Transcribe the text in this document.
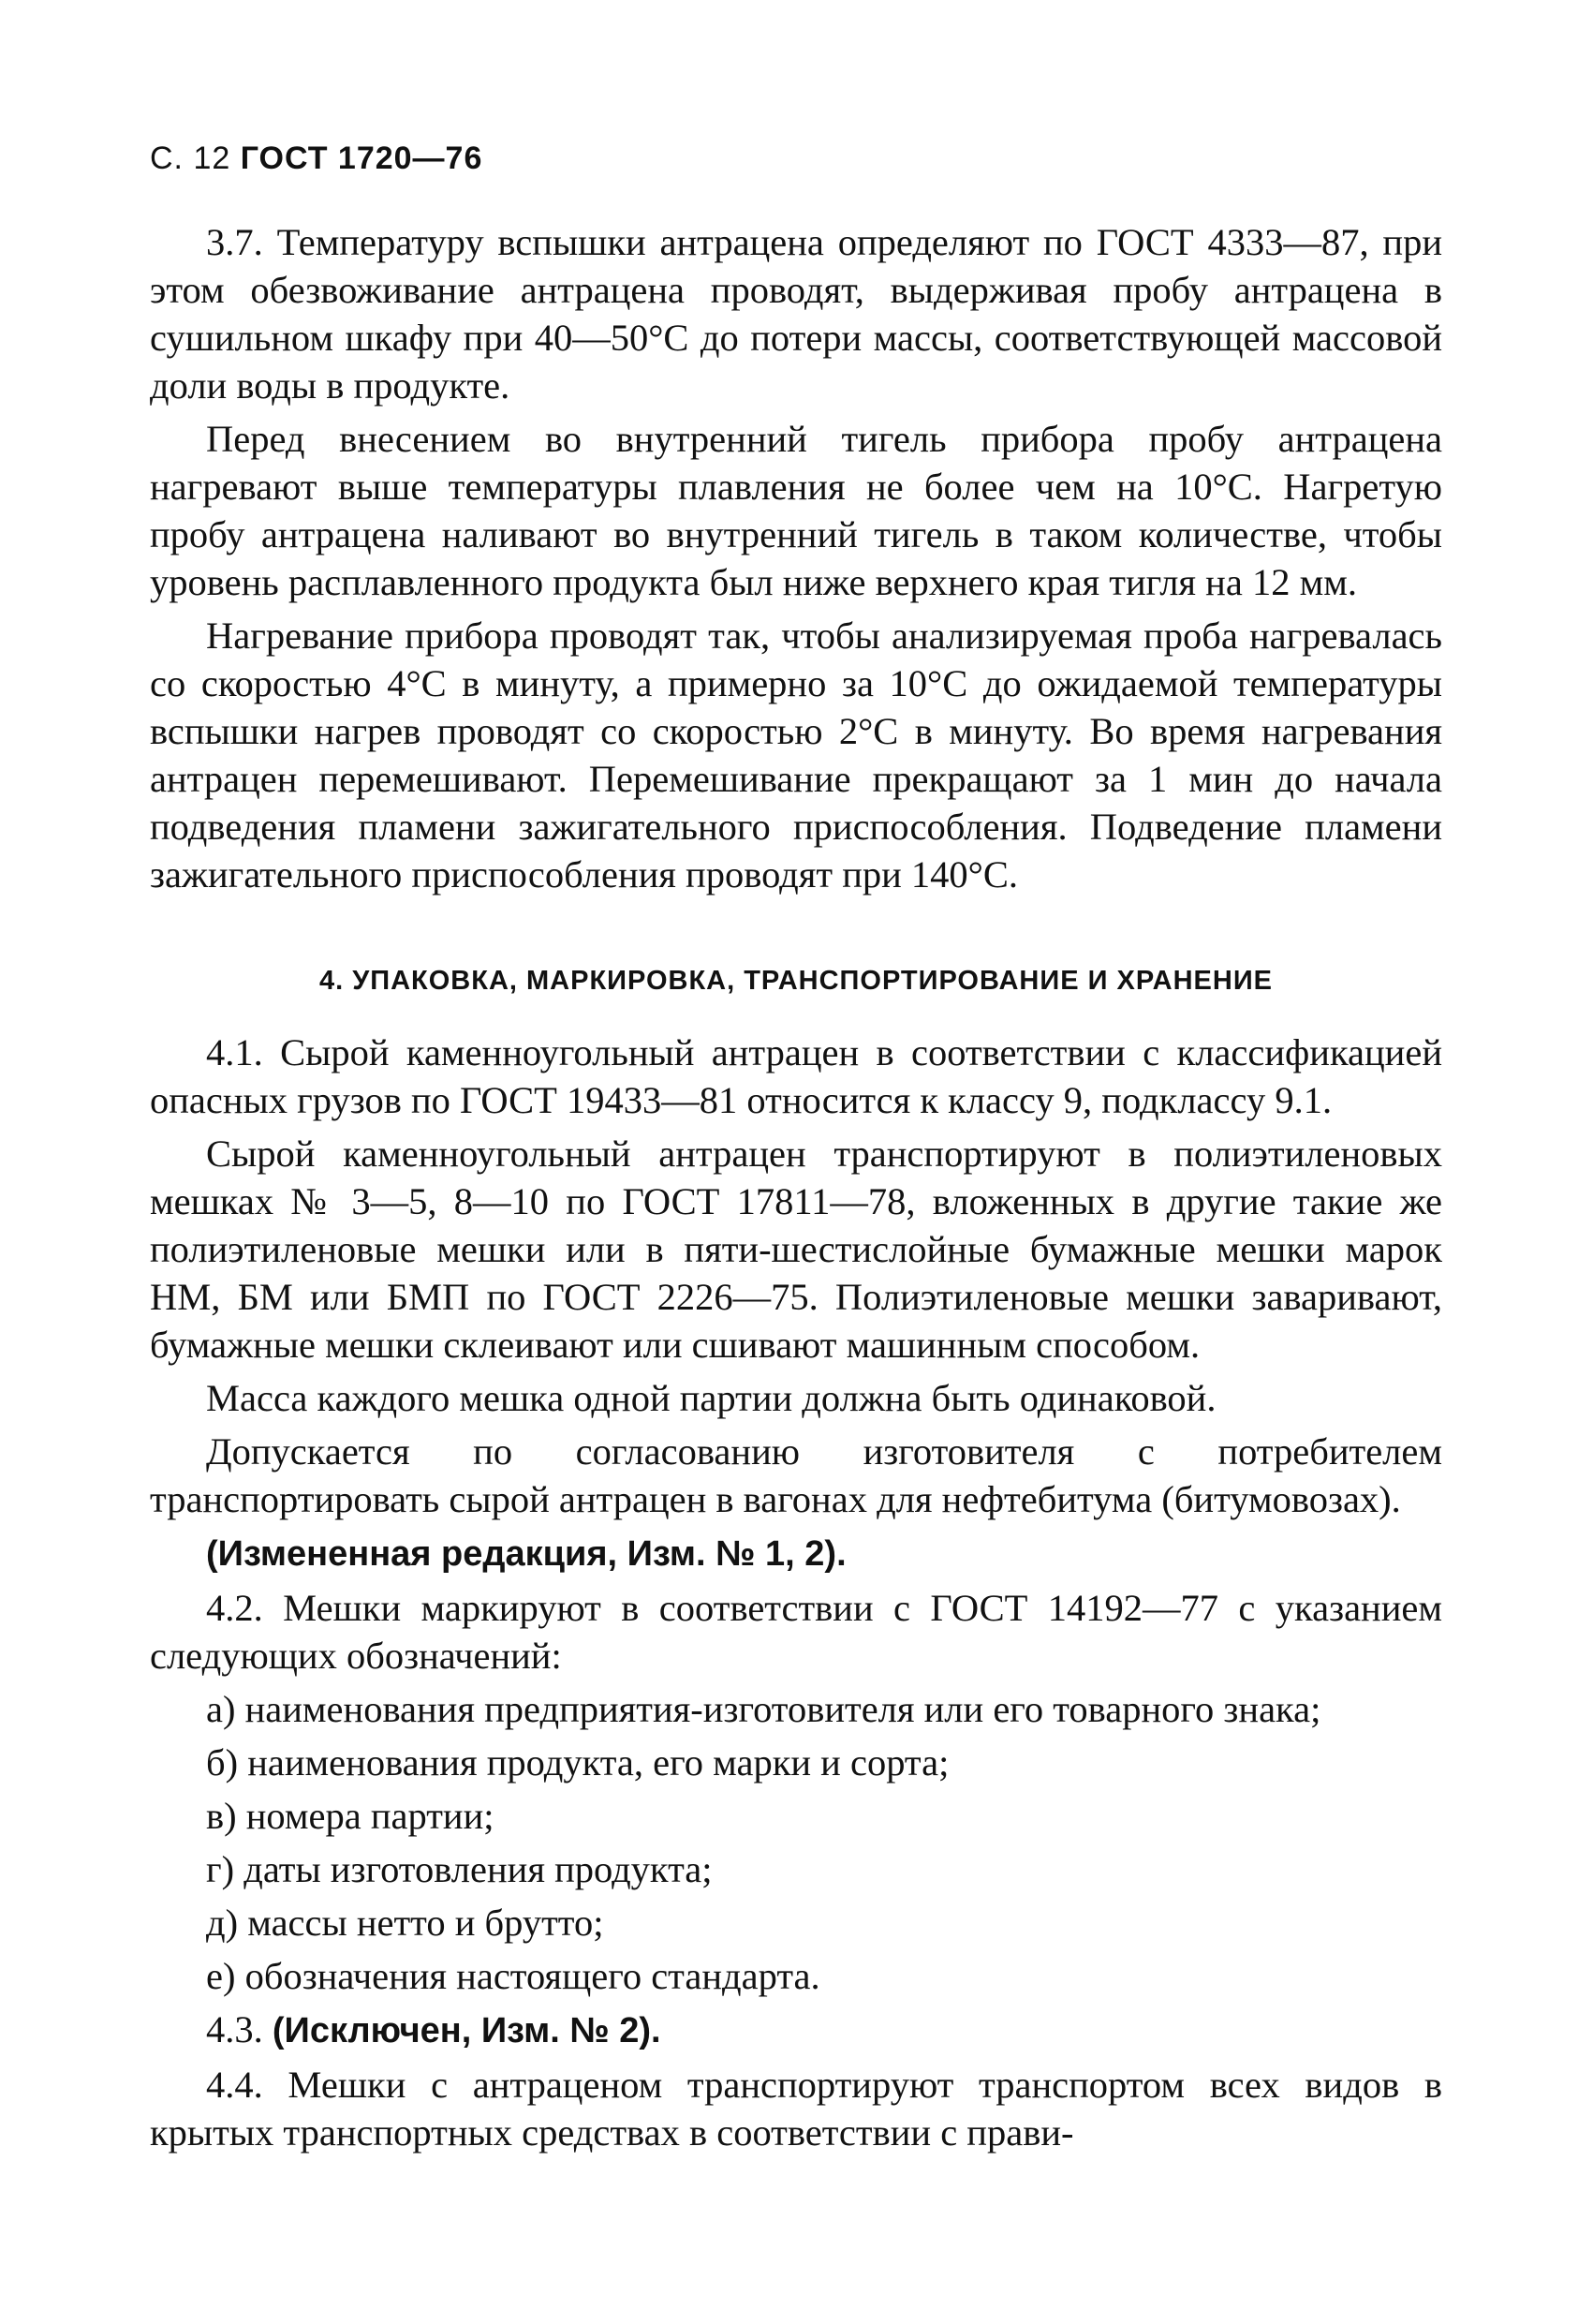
С. 12 ГОСТ 1720—76

3.7. Температуру вспышки антрацена определяют по ГОСТ 4333—87, при этом обезвоживание антрацена проводят, выдерживая пробу антрацена в сушильном шкафу при 40—50°С до потери массы, соответствующей массовой доли воды в продукте.

Перед внесением во внутренний тигель прибора пробу антрацена нагревают выше температуры плавления не более чем на 10°С. Нагретую пробу антрацена наливают во внутренний тигель в таком количестве, чтобы уровень расплавленного продукта был ниже верхнего края тигля на 12 мм.

Нагревание прибора проводят так, чтобы анализируемая проба нагревалась со скоростью 4°С в минуту, а примерно за 10°С до ожидаемой температуры вспышки нагрев проводят со скоростью 2°С в минуту. Во время нагревания антрацен перемешивают. Перемешивание прекращают за 1 мин до начала подведения пламени зажигательного приспособления. Подведение пламени зажигательного приспособления проводят при 140°С.

4. УПАКОВКА, МАРКИРОВКА, ТРАНСПОРТИРОВАНИЕ И ХРАНЕНИЕ

4.1. Сырой каменноугольный антрацен в соответствии с классификацией опасных грузов по ГОСТ 19433—81 относится к классу 9, подклассу 9.1.

Сырой каменноугольный антрацен транспортируют в полиэтиленовых мешках № 3—5, 8—10 по ГОСТ 17811—78, вложенных в другие такие же полиэтиленовые мешки или в пяти-шестислойные бумажные мешки марок НМ, БМ или БМП по ГОСТ 2226—75. Полиэтиленовые мешки заваривают, бумажные мешки склеивают или сшивают машинным способом.

Масса каждого мешка одной партии должна быть одинаковой.

Допускается по согласованию изготовителя с потребителем транспортировать сырой антрацен в вагонах для нефтебитума (битумовозах).

(Измененная редакция, Изм. № 1, 2).

4.2. Мешки маркируют в соответствии с ГОСТ 14192—77 с указанием следующих обозначений:

а) наименования предприятия-изготовителя или его товарного знака;

б) наименования продукта, его марки и сорта;

в) номера партии;

г) даты изготовления продукта;

д) массы нетто и брутто;

е) обозначения настоящего стандарта.

4.3. (Исключен, Изм. № 2).

4.4. Мешки с антраценом транспортируют транспортом всех видов в крытых транспортных средствах в соответствии с прави-
